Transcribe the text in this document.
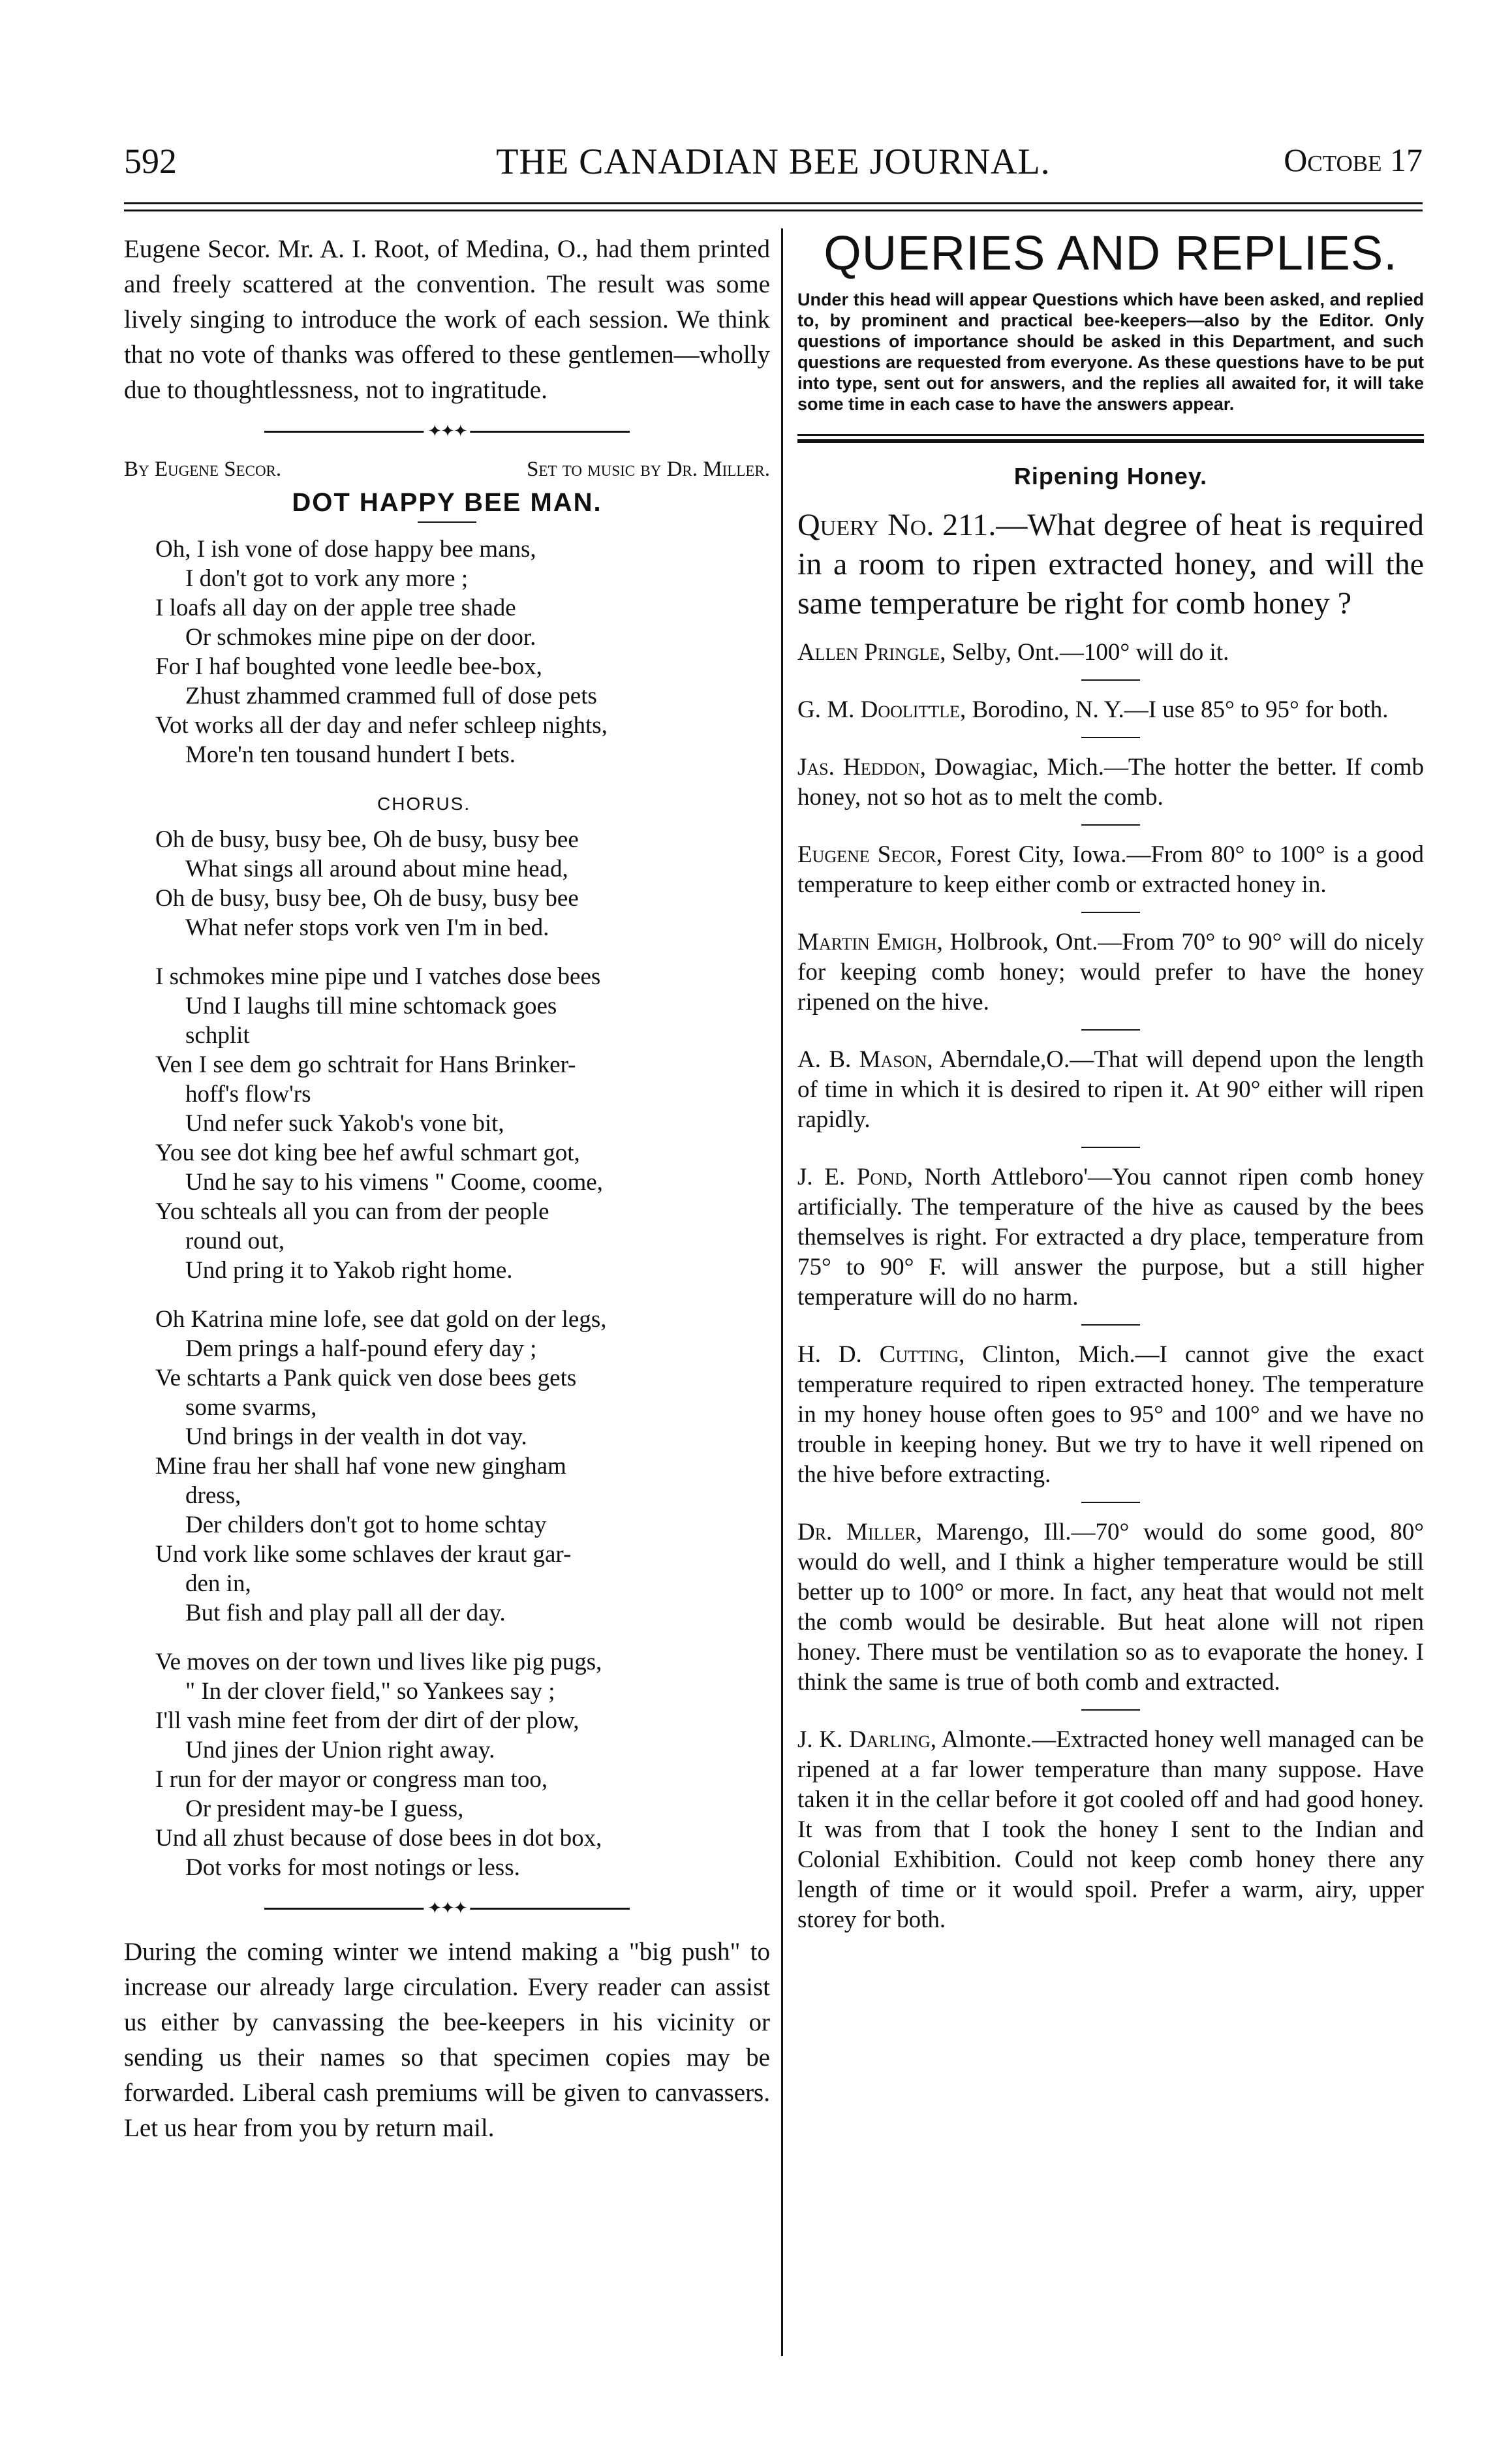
592	THE CANADIAN BEE JOURNAL.	Octobe 17

Eugene Secor. Mr. A. I. Root, of Medina, O., had them printed and freely scattered at the convention. The result was some lively singing to introduce the work of each session. We think that no vote of thanks was offered to these gentlemen—wholly due to thoughtlessness, not to ingratitude.

✦✦✦
By Eugene Secor.	Set to music by Dr. Miller.
DOT HAPPY BEE MAN.
Oh, I ish vone of dose happy bee mans,
I don't got to vork any more ;
I loafs all day on der apple tree shade
Or schmokes mine pipe on der door.
For I haf boughted vone leedle bee-box,
Zhust zhammed crammed full of dose pets
Vot works all der day and nefer schleep nights,
More'n ten tousand hundert I bets.
CHORUS.
Oh de busy, busy bee, Oh de busy, busy bee
What sings all around about mine head,
Oh de busy, busy bee, Oh de busy, busy bee
What nefer stops vork ven I'm in bed.
I schmokes mine pipe und I vatches dose bees
Und I laughs till mine schtomack goes
schplit
Ven I see dem go schtrait for Hans Brinker-
hoff's flow'rs
Und nefer suck Yakob's vone bit,
You see dot king bee hef awful schmart got,
Und he say to his vimens " Coome, coome,
You schteals all you can from der people
round out,
Und pring it to Yakob right home.
Oh Katrina mine lofe, see dat gold on der legs,
Dem prings a half-pound efery day ;
Ve schtarts a Pank quick ven dose bees gets
some svarms,
Und brings in der vealth in dot vay.
Mine frau her shall haf vone new gingham
dress,
Der childers don't got to home schtay
Und vork like some schlaves der kraut gar-
den in,
But fish and play pall all der day.
Ve moves on der town und lives like pig pugs,
" In der clover field," so Yankees say ;
I'll vash mine feet from der dirt of der plow,
Und jines der Union right away.
I run for der mayor or congress man too,
Or president may-be I guess,
Und all zhust because of dose bees in dot box,
Dot vorks for most notings or less.
✦✦✦

During the coming winter we intend making a "big push" to increase our already large circulation. Every reader can assist us either by canvassing the bee-keepers in his vicinity or sending us their names so that specimen copies may be forwarded. Liberal cash premiums will be given to canvassers. Let us hear from you by return mail.

QUERIES AND REPLIES.

Under this head will appear Questions which have been asked, and replied to, by prominent and practical bee-keepers—also by the Editor. Only questions of importance should be asked in this Department, and such questions are requested from everyone. As these questions have to be put into type, sent out for answers, and the replies all awaited for, it will take some time in each case to have the answers appear.

Ripening Honey.

Query No. 211.—What degree of heat is required in a room to ripen extracted honey, and will the same temperature be right for comb honey ?

Allen Pringle, Selby, Ont.—100° will do it.

G. M. Doolittle, Borodino, N. Y.—I use 85° to 95° for both.

Jas. Heddon, Dowagiac, Mich.—The hotter the better. If comb honey, not so hot as to melt the comb.

Eugene Secor, Forest City, Iowa.—From 80° to 100° is a good temperature to keep either comb or extracted honey in.

Martin Emigh, Holbrook, Ont.—From 70° to 90° will do nicely for keeping comb honey; would prefer to have the honey ripened on the hive.

A. B. Mason, Aberndale,O.—That will depend upon the length of time in which it is desired to ripen it. At 90° either will ripen rapidly.

J. E. Pond, North Attleboro'—You cannot ripen comb honey artificially. The temperature of the hive as caused by the bees themselves is right. For extracted a dry place, temperature from 75° to 90° F. will answer the purpose, but a still higher temperature will do no harm.

H. D. Cutting, Clinton, Mich.—I cannot give the exact temperature required to ripen extracted honey. The temperature in my honey house often goes to 95° and 100° and we have no trouble in keeping honey. But we try to have it well ripened on the hive before extracting.

Dr. Miller, Marengo, Ill.—70° would do some good, 80° would do well, and I think a higher temperature would be still better up to 100° or more. In fact, any heat that would not melt the comb would be desirable. But heat alone will not ripen honey. There must be ventilation so as to evaporate the honey. I think the same is true of both comb and extracted.

J. K. Darling, Almonte.—Extracted honey well managed can be ripened at a far lower temperature than many suppose. Have taken it in the cellar before it got cooled off and had good honey. It was from that I took the honey I sent to the Indian and Colonial Exhibition. Could not keep comb honey there any length of time or it would spoil. Prefer a warm, airy, upper storey for both.
